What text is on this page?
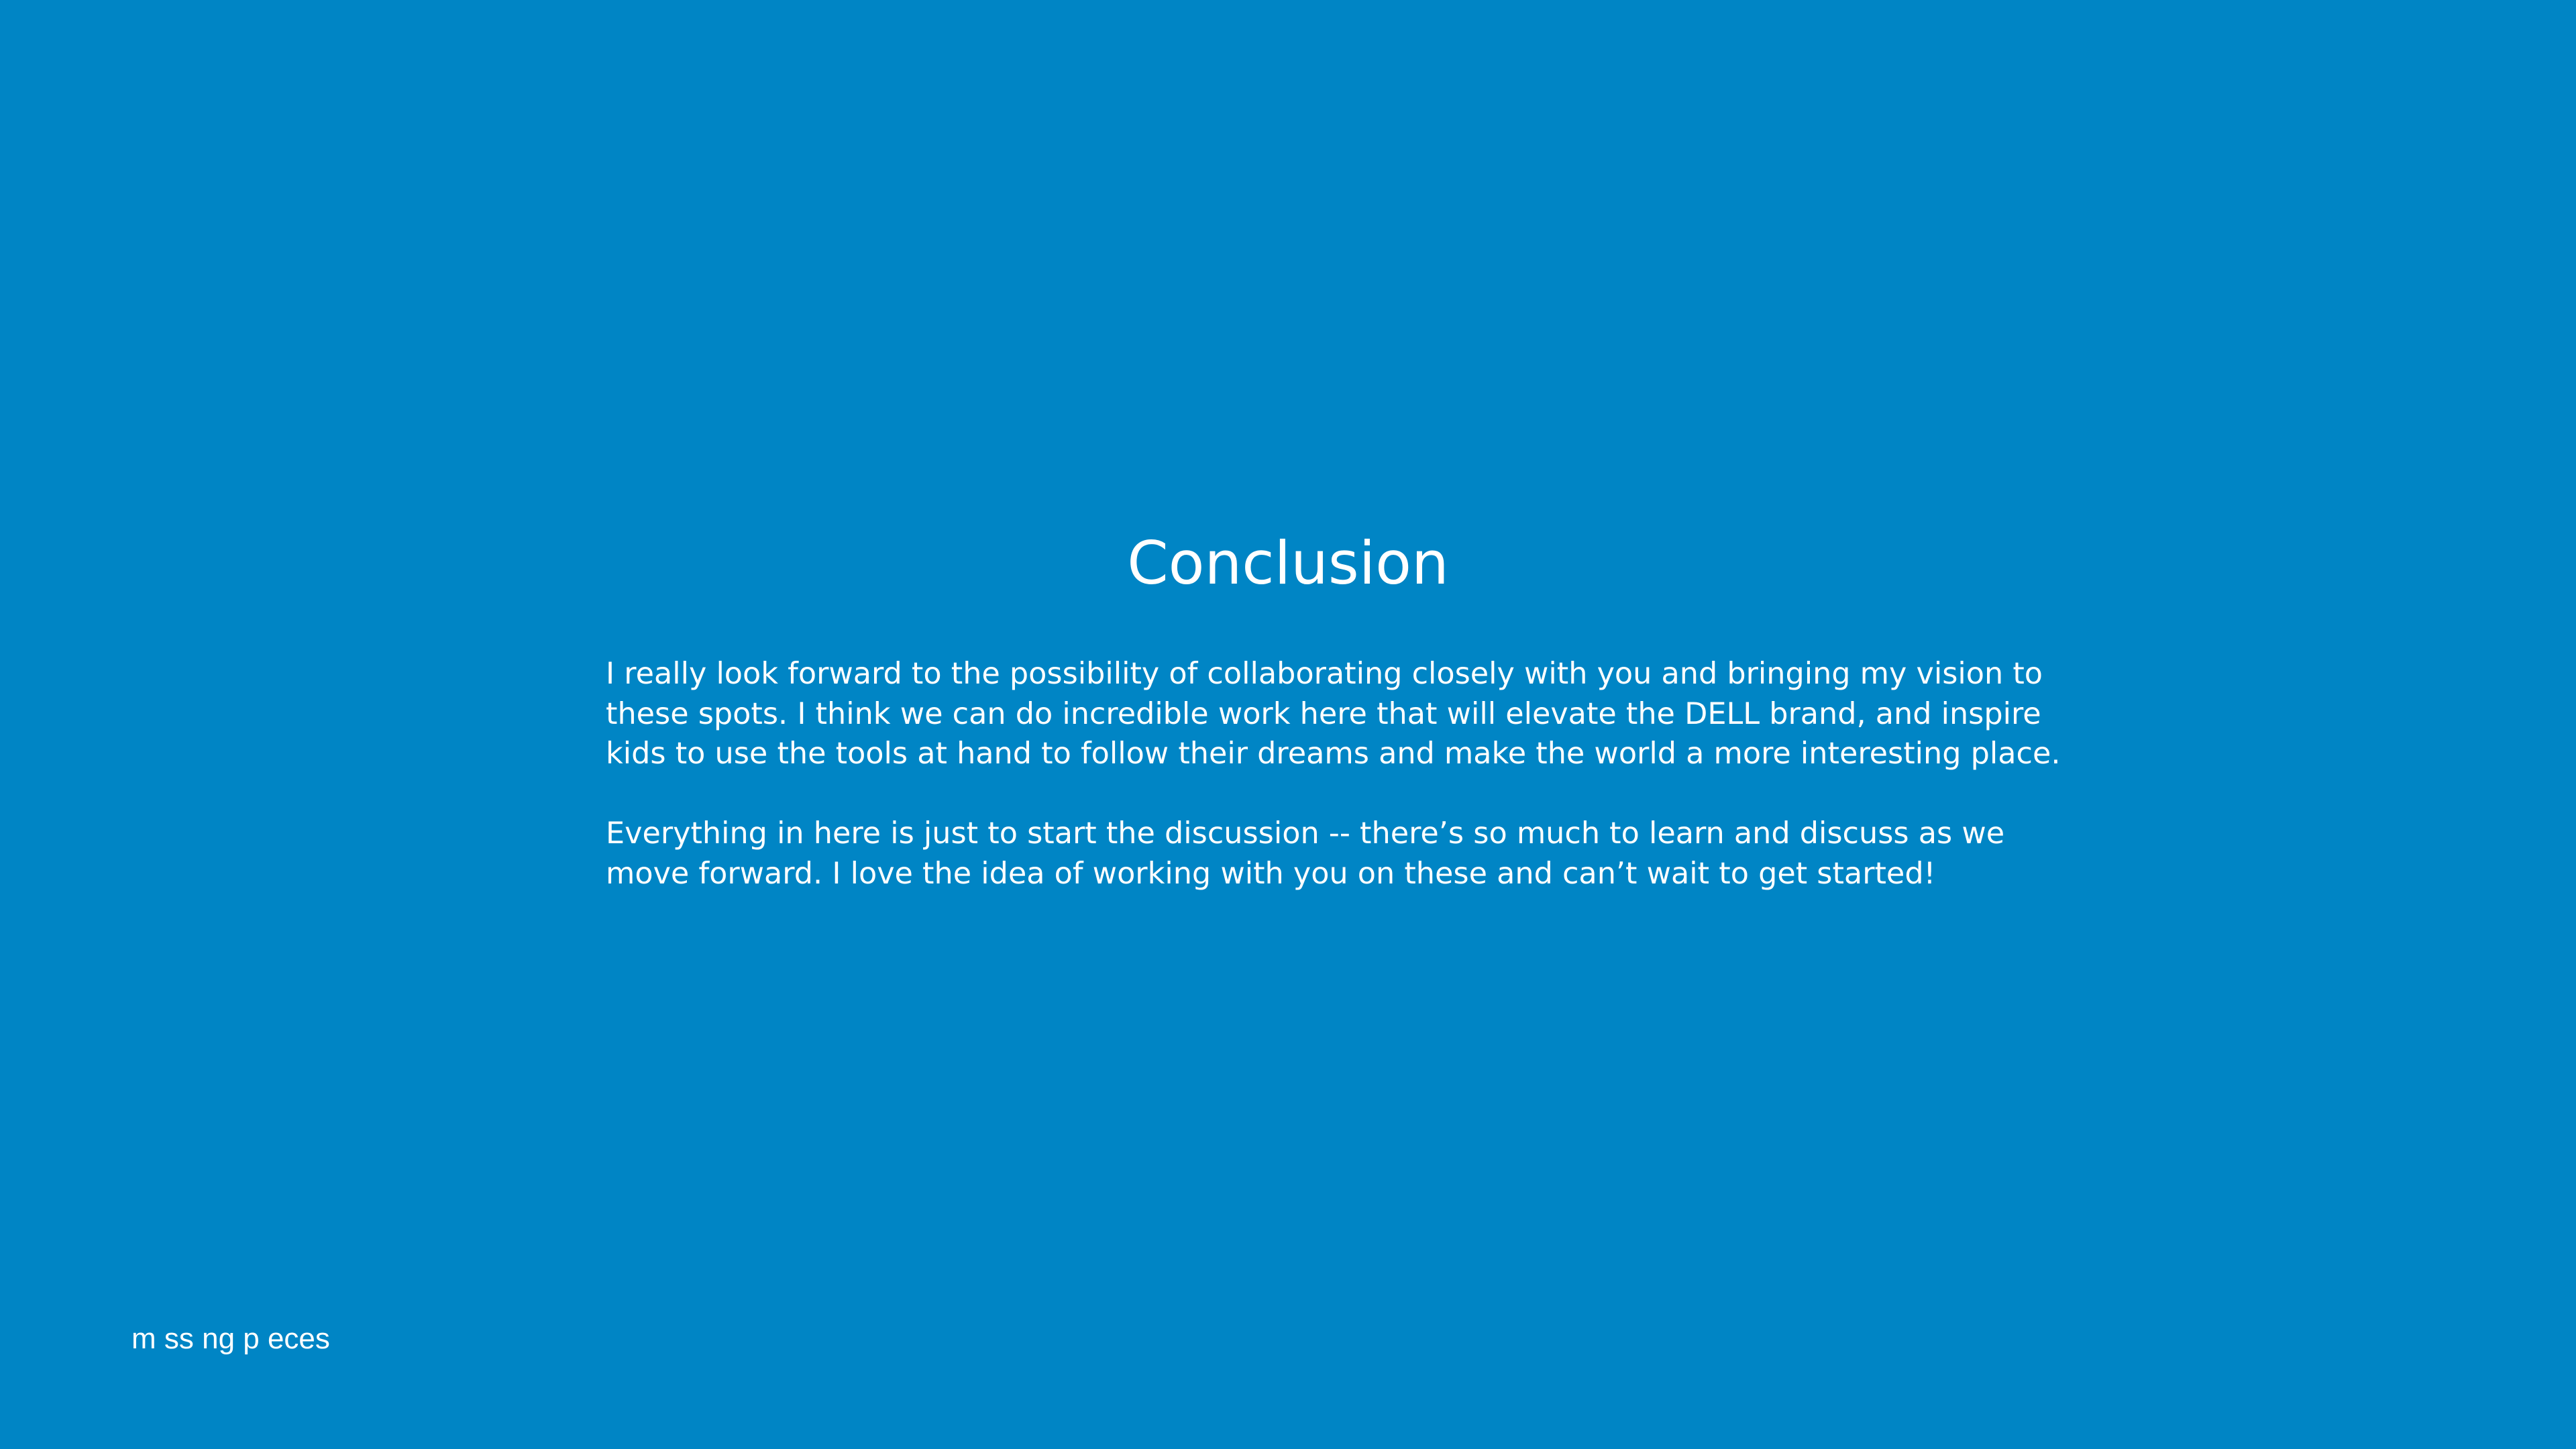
Conclusion

I really look forward to the possibility of collaborating closely with you and bringing my vision to

these spots. I think we can do incredible work here that will elevate the DELL brand, and inspire

kids to use the tools at hand to follow their dreams and make the world a more interesting place.

Everything in here is just to start the discussion -- there’s so much to learn and discuss as we

move forward. I love the idea of working with you on these and can’t wait to get started!

m ss ng p eces
